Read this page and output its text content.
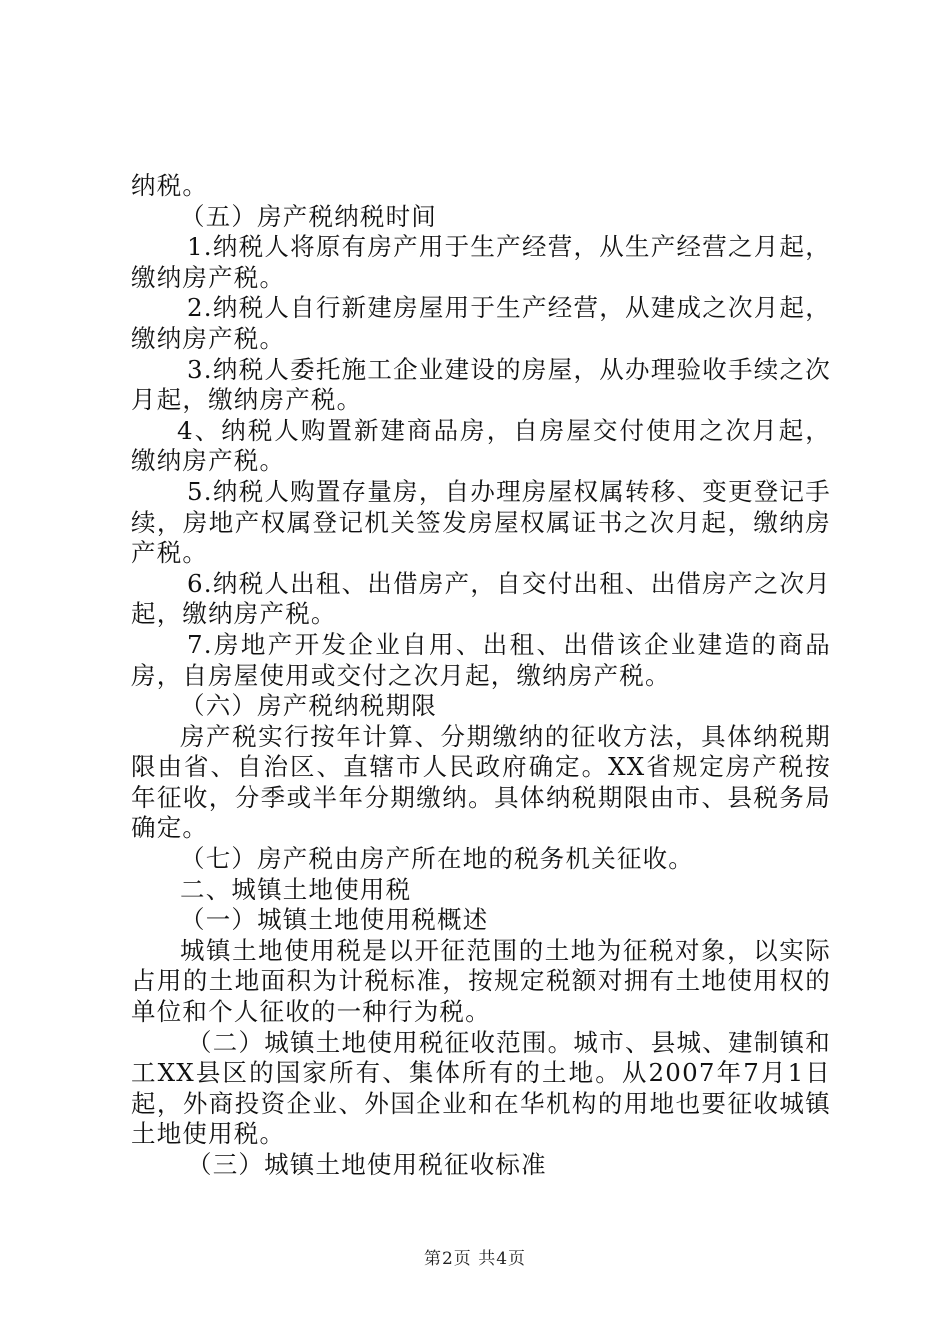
纳税。

（五）房产税纳税时间

1.纳税人将原有房产用于生产经营，从生产经营之月起，缴纳房产税。

2.纳税人自行新建房屋用于生产经营，从建成之次月起，缴纳房产税。

3.纳税人委托施工企业建设的房屋，从办理验收手续之次月起，缴纳房产税。

4、纳税人购置新建商品房，自房屋交付使用之次月起，缴纳房产税。

5.纳税人购置存量房，自办理房屋权属转移、变更登记手续，房地产权属登记机关签发房屋权属证书之次月起，缴纳房产税。

6.纳税人出租、出借房产，自交付出租、出借房产之次月起，缴纳房产税。

7.房地产开发企业自用、出租、出借该企业建造的商品房，自房屋使用或交付之次月起，缴纳房产税。

（六）房产税纳税期限

房产税实行按年计算、分期缴纳的征收方法，具体纳税期限由省、自治区、直辖市人民政府确定。XX省规定房产税按年征收，分季或半年分期缴纳。具体纳税期限由市、县税务局确定。

（七）房产税由房产所在地的税务机关征收。

二、城镇土地使用税

（一）城镇土地使用税概述

城镇土地使用税是以开征范围的土地为征税对象，以实际占用的土地面积为计税标准，按规定税额对拥有土地使用权的单位和个人征收的一种行为税。

（二）城镇土地使用税征收范围。城市、县城、建制镇和工XX县区的国家所有、集体所有的土地。从2007年7月1日起，外商投资企业、外国企业和在华机构的用地也要征收城镇土地使用税。

（三）城镇土地使用税征收标准

第2页 共4页
